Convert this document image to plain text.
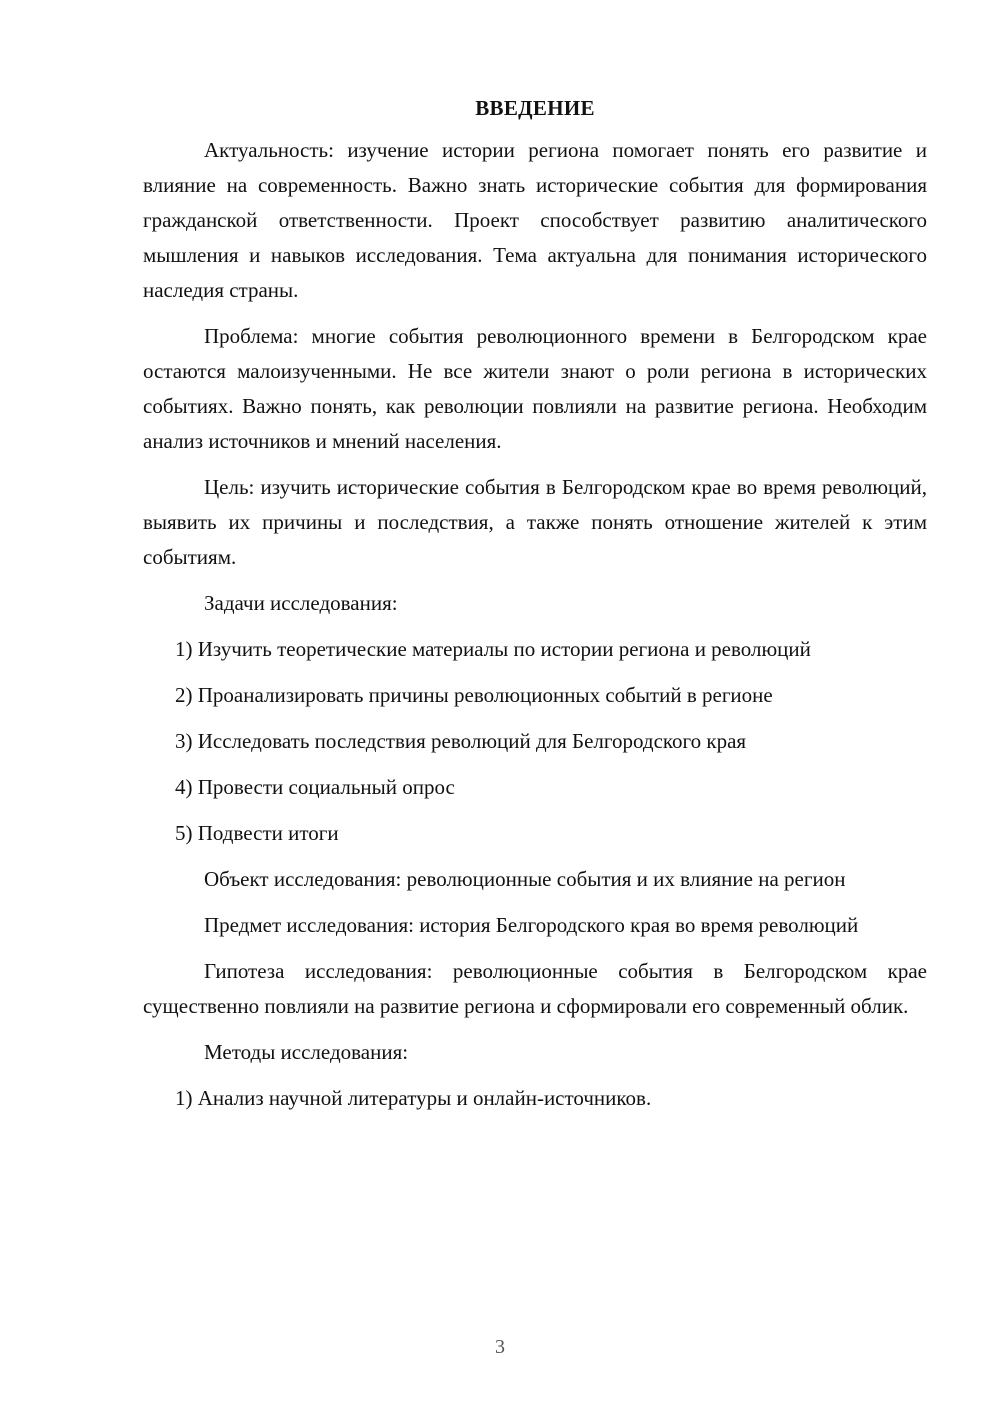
ВВЕДЕНИЕ

Актуальность: изучение истории региона помогает понять его развитие и влияние на современность. Важно знать исторические события для формирования гражданской ответственности. Проект способствует развитию аналитического мышления и навыков исследования. Тема актуальна для понимания исторического наследия страны.

Проблема: многие события революционного времени в Белгородском крае остаются малоизученными. Не все жители знают о роли региона в исторических событиях. Важно понять, как революции повлияли на развитие региона. Необходим анализ источников и мнений населения.

Цель: изучить исторические события в Белгородском крае во время революций, выявить их причины и последствия, а также понять отношение жителей к этим событиям.

Задачи исследования:

1) Изучить теоретические материалы по истории региона и революций

2) Проанализировать причины революционных событий в регионе

3) Исследовать последствия революций для Белгородского края

4) Провести социальный опрос

5) Подвести итоги

Объект исследования: революционные события и их влияние на регион

Предмет исследования: история Белгородского края во время революций

Гипотеза исследования: революционные события в Белгородском крае существенно повлияли на развитие региона и сформировали его современный облик.

Методы исследования:

1) Анализ научной литературы и онлайн-источников.

3
